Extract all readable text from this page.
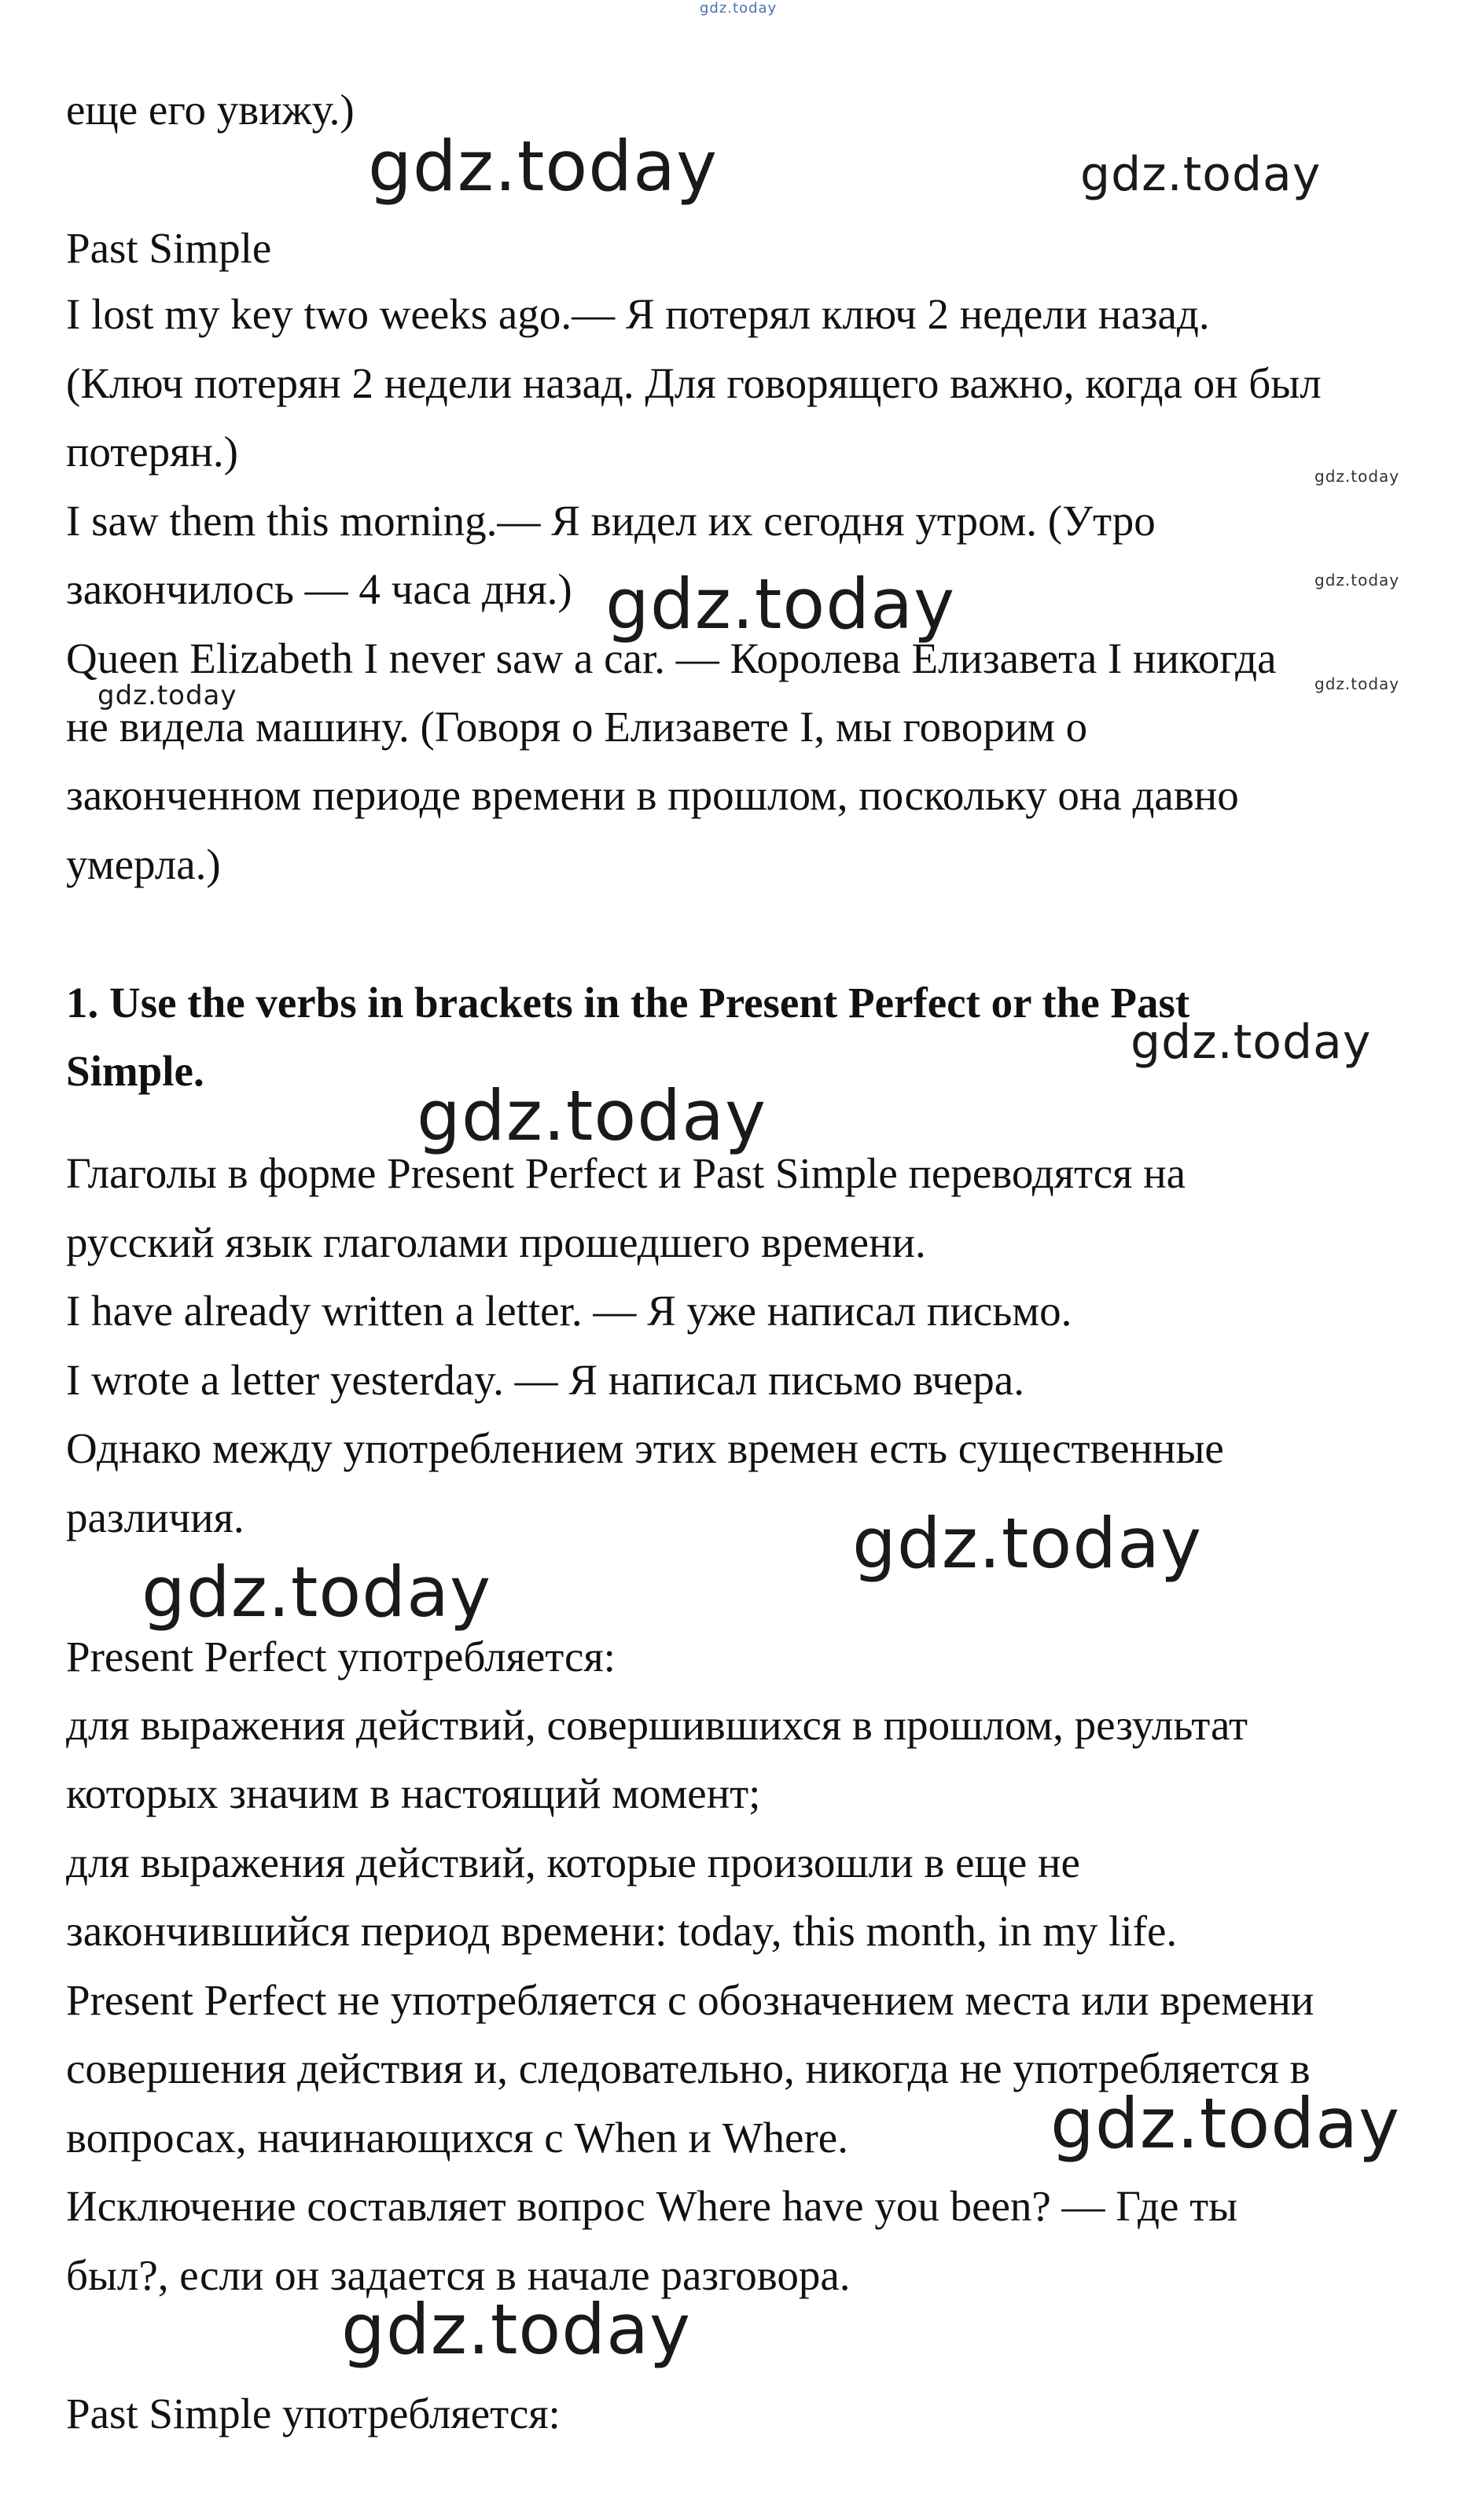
gdz.today
еще его увижу.)
Past Simple
I lost my key two weeks ago.— Я потерял ключ 2 недели назад.
(Ключ потерян 2 недели назад. Для говорящего важно, когда он был
потерян.)
I saw them this morning.— Я видел их сегодня утром. (Утро
закончилось — 4 часа дня.)
Queen Elizabeth I never saw a car. — Королева Елизавета I никогда
не видела машину. (Говоря о Елизавете I, мы говорим о
законченном периоде времени в прошлом, поскольку она давно
умерла.)
1. Use the verbs in brackets in the Present Perfect or the Past
Simple.
Глаголы в форме Present Perfect и Past Simple переводятся на
русский язык глаголами прошедшего времени.
I have already written a letter. — Я уже написал письмо.
I wrote a letter yesterday. — Я написал письмо вчера.
Однако между употреблением этих времен есть существенные
различия.
Present Perfect употребляется:
для выражения действий, совершившихся в прошлом, результат
которых значим в настоящий момент;
для выражения действий, которые произошли в еще не
закончившийся период времени: today, this month, in my life.
Present Perfect не употребляется с обозначением места или времени
совершения действия и, следовательно, никогда не употребляется в
вопросах, начинающихся с When и Where.
Исключение составляет вопрос Where have you been? — Где ты
был?, если он задается в начале разговора.
Past Simple употребляется:
gdz.today	gdz.today
gdz.today
gdz.today
gdz.today
gdz.today
gdz.today
gdz.today
gdz.today
gdz.today
gdz.today
gdz.today
gdz.today
